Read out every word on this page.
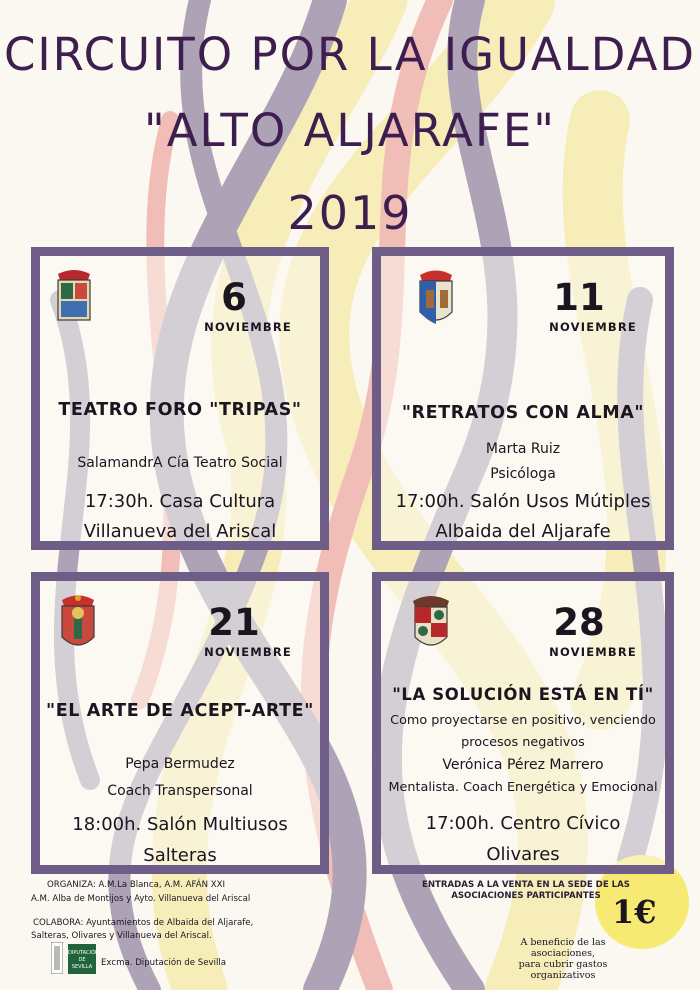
CIRCUITO POR LA IGUALDAD
"ALTO ALJARAFE"
2019
6
NOVIEMBRE
TEATRO FORO "TRIPAS"
SalamandrA Cía Teatro Social
17:30h. Casa Cultura
Villanueva del Ariscal
11
NOVIEMBRE
"RETRATOS CON ALMA"
Marta Ruiz
Psicóloga
17:00h. Salón Usos Mútiples
Albaida del Aljarafe
21
NOVIEMBRE
"EL ARTE DE ACEPT-ARTE"
Pepa Bermudez
Coach Transpersonal
18:00h. Salón Multiusos
Salteras
28
NOVIEMBRE
"LA SOLUCIÓN ESTÁ EN TÍ"
Como proyectarse en positivo, venciendo
procesos negativos
Verónica Pérez Marrero
Mentalista. Coach Energética y Emocional
17:00h. Centro Cívico
Olivares
ORGANIZA: A.M.La Blanca, A.M. AFÁN XXI
A.M. Alba de Montijos y Ayto. Villanueva del Ariscal
COLABORA: Ayuntamientos de Albaida del Aljarafe,
Salteras, Olivares y Villanueva del Ariscal.
DIPUTACIÓN DE SEVILLA	Excma. Diputación de Sevilla
ENTRADAS A LA VENTA EN LA SEDE DE LAS ASOCIACIONES PARTICIPANTES 1€
A beneficio de las asociaciones,
para cubrir gastos
organizativos
